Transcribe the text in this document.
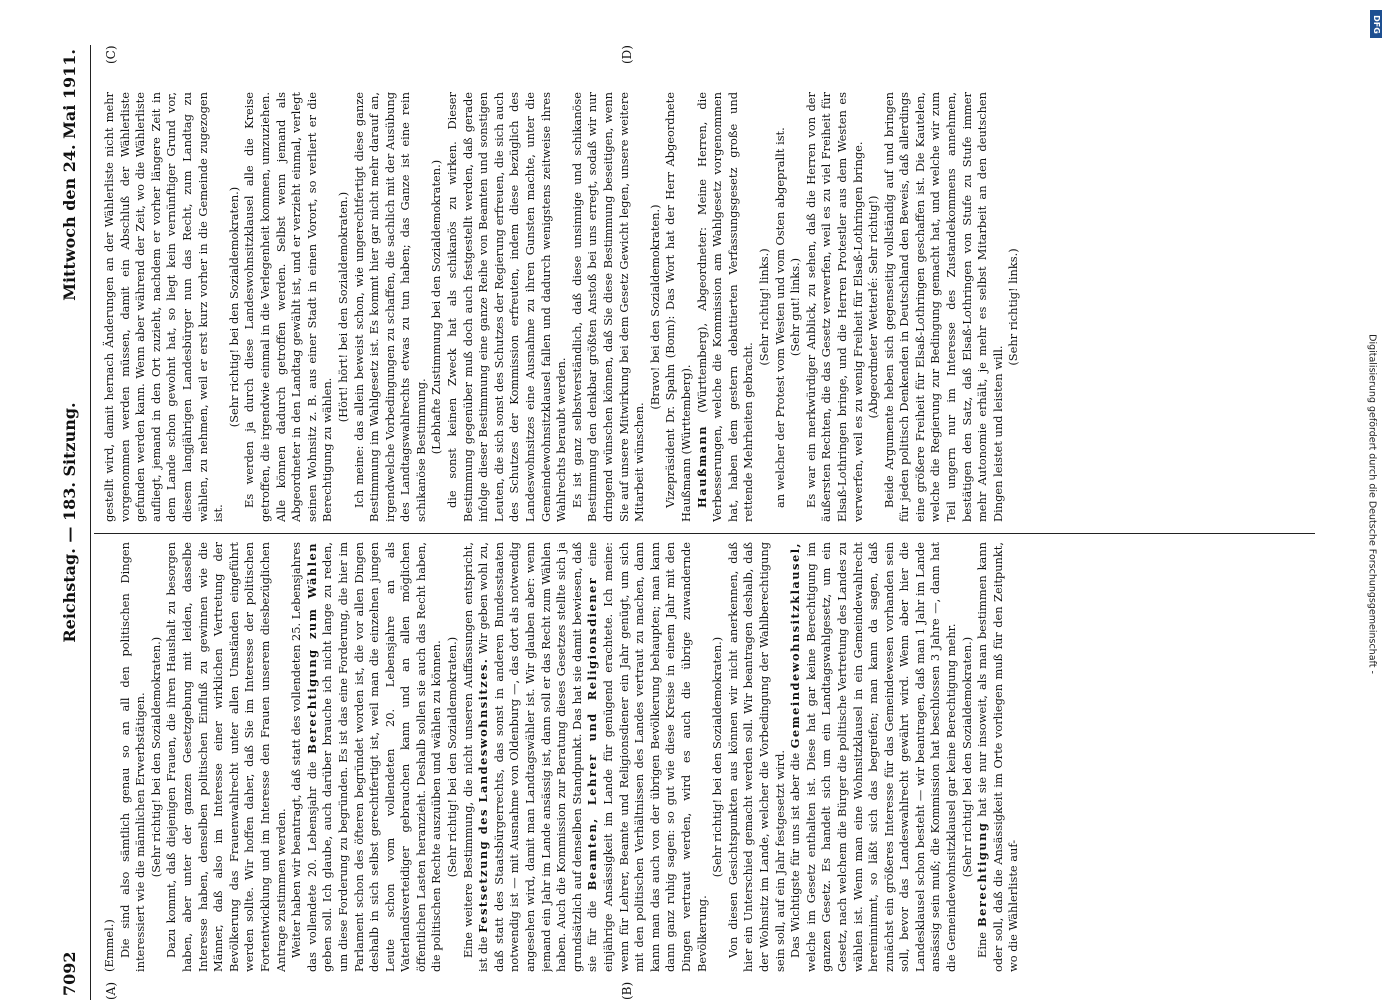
7092
Reichstag. — 183. Sitzung.
Mittwoch den 24. Mai 1911.
(A)	(B)
(C)	(D)

(Emmel.) Die sind also sämtlich genau so an all den politischen Dingen interessiert wie die männlichen Erwerbstätigen. (Sehr richtig! bei den Sozialdemokraten.) Dazu kommt, daß diejenigen Frauen, die ihren Haushalt zu besorgen haben, aber unter der ganzen Gesetzgebung mit leiden, dasselbe Interesse haben, denselben politischen Einfluß zu gewinnen wie die Männer, daß also im Interesse einer wirklichen Vertretung der Bevölkerung das Frauenwahlrecht unter allen Umständen eingeführt werden sollte. Wir hoffen daher, daß Sie im Interesse der politischen Fortentwicklung und im Interesse den Frauen unserem diesbezüglichen Antrage zustimmen werden. Weiter haben wir beantragt, daß statt des vollendeten 25. Lebensjahres das vollendete 20. Lebensjahr die Berechtigung zum Wählen geben soll. Ich glaube, auch darüber brauche ich nicht lange zu reden, um diese Forderung zu begründen. Es ist das eine Forderung, die hier im Parlament schon des öfteren begründet worden ist, die vor allen Dingen deshalb in sich selbst gerechtfertigt ist, weil man die einzelnen jungen Leute schon vom vollendeten 20. Lebensjahre an als Vaterlandsverteidiger gebrauchen kann und an allen möglichen öffentlichen Lasten heranzieht. Deshalb sollen sie auch das Recht haben, die politischen Rechte auszuüben und wählen zu können. (Sehr richtig! bei den Sozialdemokraten.) Eine weitere Bestimmung, die nicht unseren Auffassungen entspricht, ist die Festsetzung des Landeswohnsitzes. Wir geben wohl zu, daß statt des Staatsbürgerrechts, das sonst in anderen Bundesstaaten notwendig ist — mit Ausnahme von Oldenburg —, das dort als notwendig angesehen wird, damit man Landtagswähler ist. Wir glauben aber: wenn jemand ein Jahr im Lande ansässig ist, dann soll er das Recht zum Wählen haben. Auch die Kommission zur Beratung dieses Gesetzes stellte sich ja grundsätzlich auf denselben Standpunkt. Das hat sie damit bewiesen, daß sie für die Beamten, Lehrer und Religionsdiener eine einjährige Ansässigkeit im Lande für genügend erachtete. Ich meine: wenn für Lehrer, Beamte und Religionsdiener ein Jahr genügt, um sich mit den politischen Verhältnissen des Landes vertraut zu machen, dann kann man das auch von der übrigen Bevölkerung behaupten; man kann dann ganz ruhig sagen: so gut wie diese Kreise in einem Jahr mit den Dingen vertraut werden, wird es auch die übrige zuwandernde Bevölkerung.

(Sehr richtig! bei den Sozialdemokraten.) Von diesen Gesichtspunkten aus können wir nicht anerkennen, daß hier ein Unterschied gemacht werden soll. Wir beantragen deshalb, daß der Wohnsitz im Lande, welcher die Vorbedingung der Wahlberechtigung sein soll, auf ein Jahr festgesetzt wird. Das Wichtigste für uns ist aber die Gemeindewohnsitzklausel, welche im Gesetz enthalten ist. Diese hat gar keine Berechtigung im ganzen Gesetz. Es handelt sich um ein Landtagswahlgesetz, um ein Gesetz, nach welchem die Bürger die politische Vertretung des Landes zu wählen ist. Wenn man eine Wohnsitzklausel in ein Gemeindewahlrecht hereinnimmt, so läßt sich das begreifen; man kann da sagen, daß zunächst ein größeres Interesse für das Gemeindewesen vorhanden sein soll, bevor das Landeswahlrecht gewährt wird. Wenn aber hier die Landesklausel schon besteht — wir beantragen, daß man 1 Jahr im Lande ansässig sein muß; die Kommission hat beschlossen 3 Jahre —, dann hat die Gemeindewohnsitzklausel gar keine Berechtigung mehr. (Sehr richtig! bei den Sozialdemokraten.)

Eine Berechtigung hat sie nur insoweit, als man bestimmen kann oder soll, daß die Ansässigkeit im Orte vorliegen muß für den Zeitpunkt, wo die Wählerliste auf-

gestellt wird, damit hernach Änderungen an der Wählerliste nicht mehr vorgenommen werden müssen, damit ein Abschluß der Wählerliste gefunden werden kann. Wenn aber während der Zeit, wo die Wählerliste aufliegt, jemand in den Ort zuzieht, nachdem er vorher längere Zeit in dem Lande schon gewohnt hat, so liegt kein vernünftiger Grund vor, diesem langjährigen Landesbürger nun das Recht, zum Landtag zu wählen, zu nehmen, weil er erst kurz vorher in die Gemeinde zugezogen ist.

(Sehr richtig! bei den Sozialdemokraten.) Es werden ja durch diese Landeswohnsitzklausel alle die Kreise getroffen, die irgendwie einmal in die Verlegenheit kommen, umzuziehen. Alle können dadurch getroffen werden. Selbst wenn jemand als Abgeordneter in den Landtag gewählt ist, und er verzieht einmal, verlegt seinen Wohnsitz z. B. aus einer Stadt in einen Vorort, so verliert er die Berechtigung zu wählen.

(Hört! hört! bei den Sozialdemokraten.) Ich meine: das allein beweist schon, wie ungerechtfertigt diese ganze Bestimmung im Wahlgesetz ist. Es kommt hier gar nicht mehr darauf an, irgendwelche Vorbedingungen zu schaffen, die sachlich mit der Ausübung des Landtagswahlrechts etwas zu tun haben; das Ganze ist eine rein schikanöse Bestimmung. (Lebhafte Zustimmung bei den Sozialdemokraten.) die sonst keinen Zweck hat als schikanös zu wirken. Dieser Bestimmung gegenüber muß doch auch festgestellt werden, daß gerade infolge dieser Bestimmung eine ganze Reihe von Beamten und sonstigen Leuten, die sich sonst des Schutzes der Regierung erfreuen, die sich auch des Schutzes der Kommission erfreuten, indem diese bezüglich des Landeswohnsitzes eine Ausnahme zu ihren Gunsten machte, unter die Gemeindewohnsitzklausel fallen und dadurch wenigstens zeitweise ihres Wahlrechts beraubt werden. Es ist ganz selbstverständlich, daß diese unsinnige und schikanöse Bestimmung den denkbar größten Anstoß bei uns erregt, sodaß wir nur dringend wünschen können, daß Sie diese Bestimmung beseitigen, wenn Sie auf unsere Mitwirkung bei dem Gesetz Gewicht legen, unsere weitere Mitarbeit wünschen.

(Bravo! bei den Sozialdemokraten.) Vizepräsident Dr. Spahn (Bonn): Das Wort hat der Herr Abgeordnete Haußmann (Württemberg). Haußmann (Württemberg), Abgeordneter: Meine Herren, die Verbesserungen, welche die Kommission am Wahlgesetz vorgenommen hat, haben dem gestern debattierten Verfassungsgesetz große und rettende Mehrheiten gebracht.

(Sehr richtig! links.) an welcher der Protest vom Westen und vom Osten abgeprallt ist. (Sehr gut! links.) Es war ein merkwürdiger Anblick, zu sehen, daß die Herren von der äußersten Rechten, die das Gesetz verwerfen, weil es zu viel Freiheit für Elsaß-Lothringen bringe, und die Herren Protestler aus dem Westen es verwerfen, weil es zu wenig Freiheit für Elsaß-Lothringen bringe. (Abgeordneter Wetterlé: Sehr richtig!) Beide Argumente heben sich gegenseitig vollständig auf und bringen für jeden politisch Denkenden in Deutschland den Beweis, daß allerdings eine größere Freiheit für Elsaß-Lothringen geschaffen ist. Die Kautelen, welche die Regierung zur Bedingung gemacht hat, und welche wir zum Teil ungern nur im Interesse des Zustandekommens annehmen, bestätigen den Satz, daß Elsaß-Lothringen von Stufe zu Stufe immer mehr Autonomie erhält, je mehr es selbst Mitarbeit an den deutschen Dingen leistet und leisten will.

(Sehr richtig! links.)

DFG
Digitalisierung gefördert durch die Deutsche Forschungsgemeinschaft -
